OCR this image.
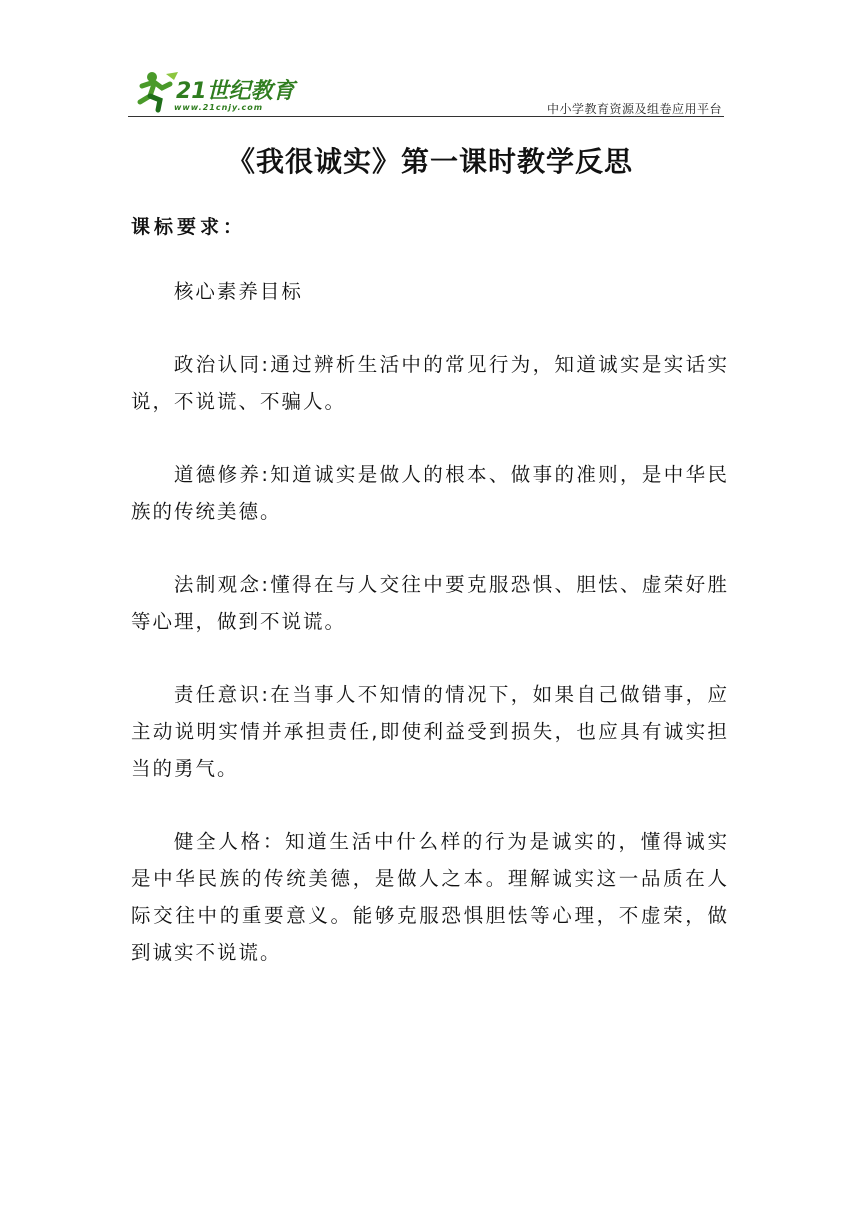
21世纪教育
www.21cnjy.com	中小学教育资源及组卷应用平台
《我很诚实》第一课时教学反思
课标要求：

核心素养目标

政治认同:通过辨析生活中的常见行为，知道诚实是实话实说，不说谎、不骗人。

道德修养:知道诚实是做人的根本、做事的准则，是中华民族的传统美德。

法制观念:懂得在与人交往中要克服恐惧、胆怯、虚荣好胜等心理，做到不说谎。

责任意识:在当事人不知情的情况下，如果自己做错事，应主动说明实情并承担责任,即使利益受到损失，也应具有诚实担当的勇气。

健全人格：知道生活中什么样的行为是诚实的，懂得诚实是中华民族的传统美德，是做人之本。理解诚实这一品质在人际交往中的重要意义。能够克服恐惧胆怯等心理，不虚荣，做到诚实不说谎。
